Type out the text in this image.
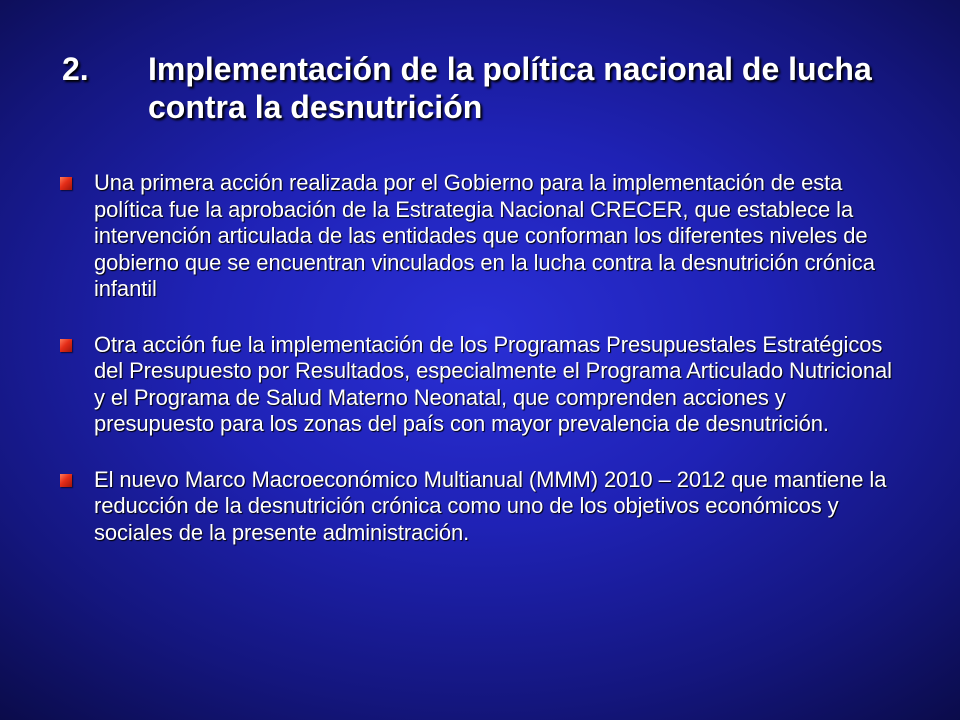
2.	Implementación de la política nacional de lucha contra la desnutrición
Una primera acción realizada por el Gobierno para la implementación de esta política fue la aprobación de la Estrategia Nacional CRECER, que establece la intervención articulada de las entidades que conforman los diferentes niveles de gobierno que se encuentran vinculados en la lucha contra la desnutrición crónica infantil
Otra acción fue la implementación de los Programas Presupuestales Estratégicos del Presupuesto por Resultados, especialmente el Programa Articulado Nutricional y el Programa de Salud Materno Neonatal, que comprenden acciones y presupuesto para los zonas del país con mayor prevalencia de desnutrición.
El nuevo Marco Macroeconómico Multianual (MMM) 2010 – 2012 que mantiene la reducción de la desnutrición crónica como uno de los objetivos económicos y sociales de la presente administración.
